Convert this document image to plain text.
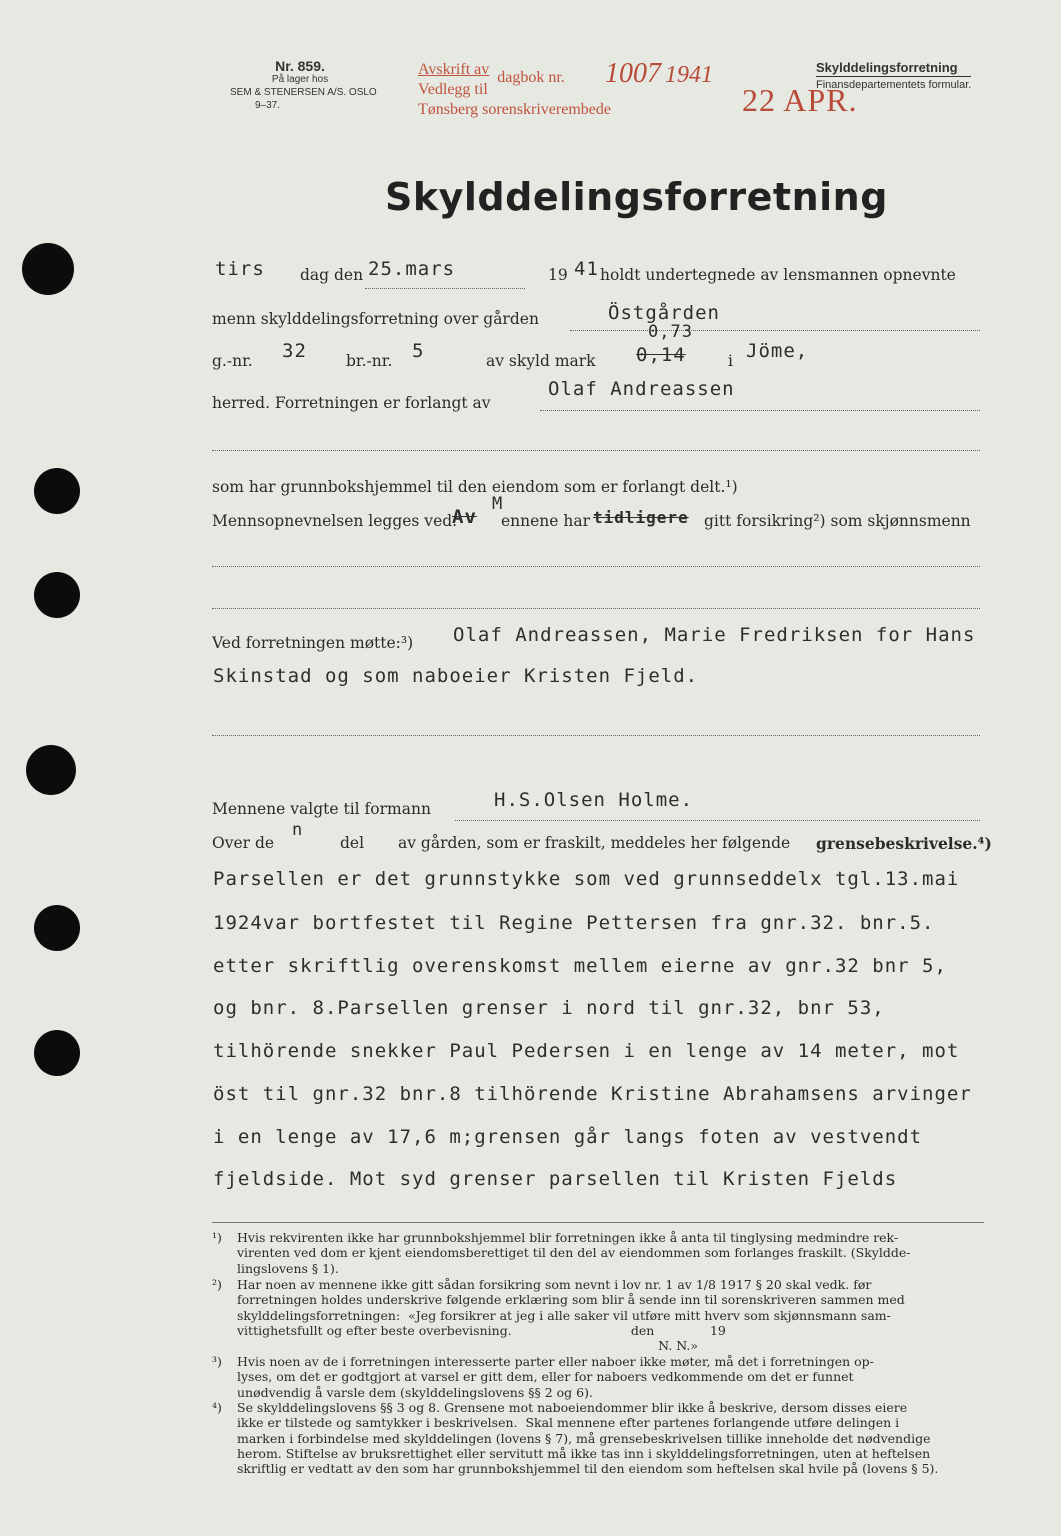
Nr. 859.
På lager hos
SEM & STENERSEN A/S. OSLO
9–37.
Avskrift av dagbok nr.
Vedlegg til
Tønsberg sorenskriverembede
1007 1941
22 APR.
Skylddelingsforretning
Finansdepartementets formular.
Skylddelingsforretning
tirs dag den 25.mars	19 41 holdt undertegnede av lensmannen opnevnte
menn skylddelingsforretning over gården	Östgården
g.-nr. 32	br.-nr. 5	av skyld mark
0,73
0,14	i Jöme,
herred. Forretningen er forlangt av
Olaf Andreassen
som har grunnbokshjemmel til den eiendom som er forlangt delt.¹)
Mennsopnevnelsen legges ved.
Av
M
ennene har tidligere gitt forsikring²) som skjønnsmenn
Ved forretningen møtte:³) Olaf Andreassen, Marie Fredriksen for Hans
Skinstad og som naboeier Kristen Fjeld.
Mennene valgte til formann	H.S.Olsen Holme.
Over de
n
del av gården, som er fraskilt, meddeles her følgende grensebeskrivelse.⁴)
Parsellen er det grunnstykke som ved grunnseddelx tgl.13.mai
1924var bortfestet til Regine Pettersen fra gnr.32. bnr.5.
etter skriftlig overenskomst mellem eierne av gnr.32 bnr 5,
og bnr. 8.Parsellen grenser i nord til gnr.32, bnr 53,
tilhörende snekker Paul Pedersen i en lenge av 14 meter, mot
öst til gnr.32 bnr.8 tilhörende Kristine Abrahamsens arvinger
i en lenge av 17,6 m;grensen går langs foten av vestvendt
fjeldside. Mot syd grenser parsellen til Kristen Fjelds
¹) Hvis rekvirenten ikke har grunnbokshjemmel blir forretningen ikke å anta til tinglysing medmindre rek-
virenten ved dom er kjent eiendomsberettiget til den del av eiendommen som forlanges fraskilt. (Skyldde-
lingslovens § 1).
²) Har noen av mennene ikke gitt sådan forsikring som nevnt i lov nr. 1 av 1/8 1917 § 20 skal vedk. før
forretningen holdes underskrive følgende erklæring som blir å sende inn til sorenskriveren sammen med
skylddelingsforretningen:  «Jeg forsikrer at jeg i alle saker vil utføre mitt hverv som skjønnsmann sam-
vittighetsfullt og efter beste overbevisning.                              den              19
N. N.»
³) Hvis noen av de i forretningen interesserte parter eller naboer ikke møter, må det i forretningen op-
lyses, om det er godtgjort at varsel er gitt dem, eller for naboers vedkommende om det er funnet
unødvendig å varsle dem (skylddelingslovens §§ 2 og 6).
⁴) Se skylddelingslovens §§ 3 og 8. Grensene mot naboeiendommer blir ikke å beskrive, dersom disses eiere
ikke er tilstede og samtykker i beskrivelsen.  Skal mennene efter partenes forlangende utføre delingen i
marken i forbindelse med skylddelingen (lovens § 7), må grensebeskrivelsen tillike inneholde det nødvendige
herom. Stiftelse av bruksrettighet eller servitutt må ikke tas inn i skylddelingsforretningen, uten at heftelsen
skriftlig er vedtatt av den som har grunnbokshjemmel til den eiendom som heftelsen skal hvile på (lovens § 5).
